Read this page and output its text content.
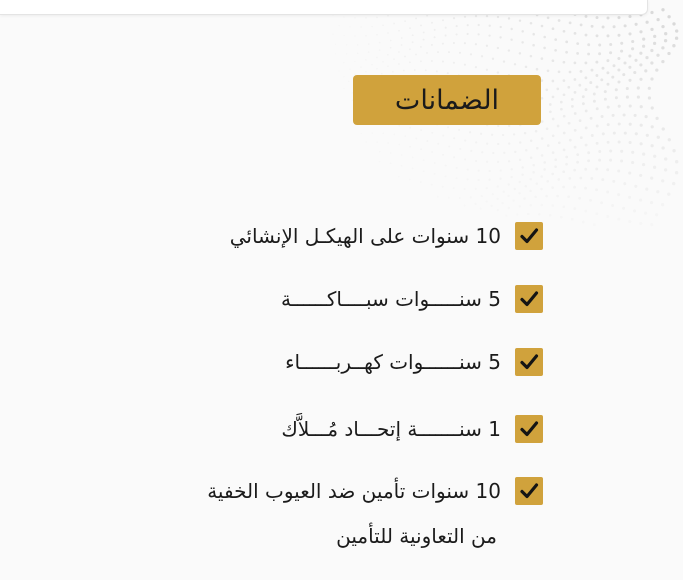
الضمانات
10 سنوات على الهيكـل الإنشائي
5 سنـــــوات سبــــاكــــــة
5 سنــــــوات كهــربــــــاء
1 سنـــــــة إتحـــاد مُـــلاَّك
10 سنوات تأمين ضد العيوب الخفية
من التعاونية للتأمين
